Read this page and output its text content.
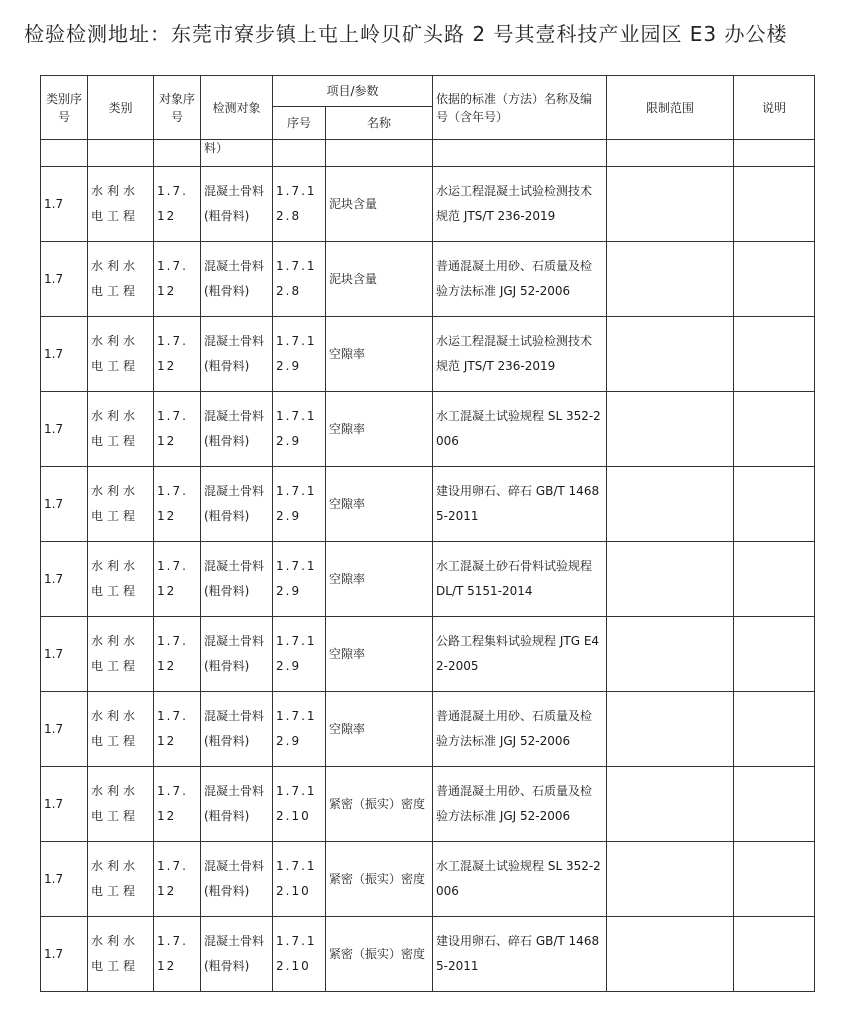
检验检测地址：东莞市寮步镇上屯上岭贝矿头路 2 号其壹科技产业园区 E3 办公楼
类别序号	类别	对象序号	检测对象	项目/参数		依据的标准（方法）名称及编号（含年号）	限制范围	说明
				序号	名称			
			料）					
1.7	水利水电工程	1.7.12	混凝土骨料(粗骨料)	1.7.12.8	泥块含量	水运工程混凝土试验检测技术规范 JTS/T 236-2019		
1.7	水利水电工程	1.7.12	混凝土骨料(粗骨料)	1.7.12.8	泥块含量	普通混凝土用砂、石质量及检验方法标准 JGJ 52-2006		
1.7	水利水电工程	1.7.12	混凝土骨料(粗骨料)	1.7.12.9	空隙率	水运工程混凝土试验检测技术规范 JTS/T 236-2019		
1.7	水利水电工程	1.7.12	混凝土骨料(粗骨料)	1.7.12.9	空隙率	水工混凝土试验规程 SL 352-2006		
1.7	水利水电工程	1.7.12	混凝土骨料(粗骨料)	1.7.12.9	空隙率	建设用卵石、碎石 GB/T 14685-2011		
1.7	水利水电工程	1.7.12	混凝土骨料(粗骨料)	1.7.12.9	空隙率	水工混凝土砂石骨料试验规程 DL/T 5151-2014		
1.7	水利水电工程	1.7.12	混凝土骨料(粗骨料)	1.7.12.9	空隙率	公路工程集料试验规程 JTG E42-2005		
1.7	水利水电工程	1.7.12	混凝土骨料(粗骨料)	1.7.12.9	空隙率	普通混凝土用砂、石质量及检验方法标准 JGJ 52-2006		
1.7	水利水电工程	1.7.12	混凝土骨料(粗骨料)	1.7.12.10	紧密（振实）密度	普通混凝土用砂、石质量及检验方法标准 JGJ 52-2006		
1.7	水利水电工程	1.7.12	混凝土骨料(粗骨料)	1.7.12.10	紧密（振实）密度	水工混凝土试验规程 SL 352-2006		
1.7	水利水电工程	1.7.12	混凝土骨料(粗骨料)	1.7.12.10	紧密（振实）密度	建设用卵石、碎石 GB/T 14685-2011		
